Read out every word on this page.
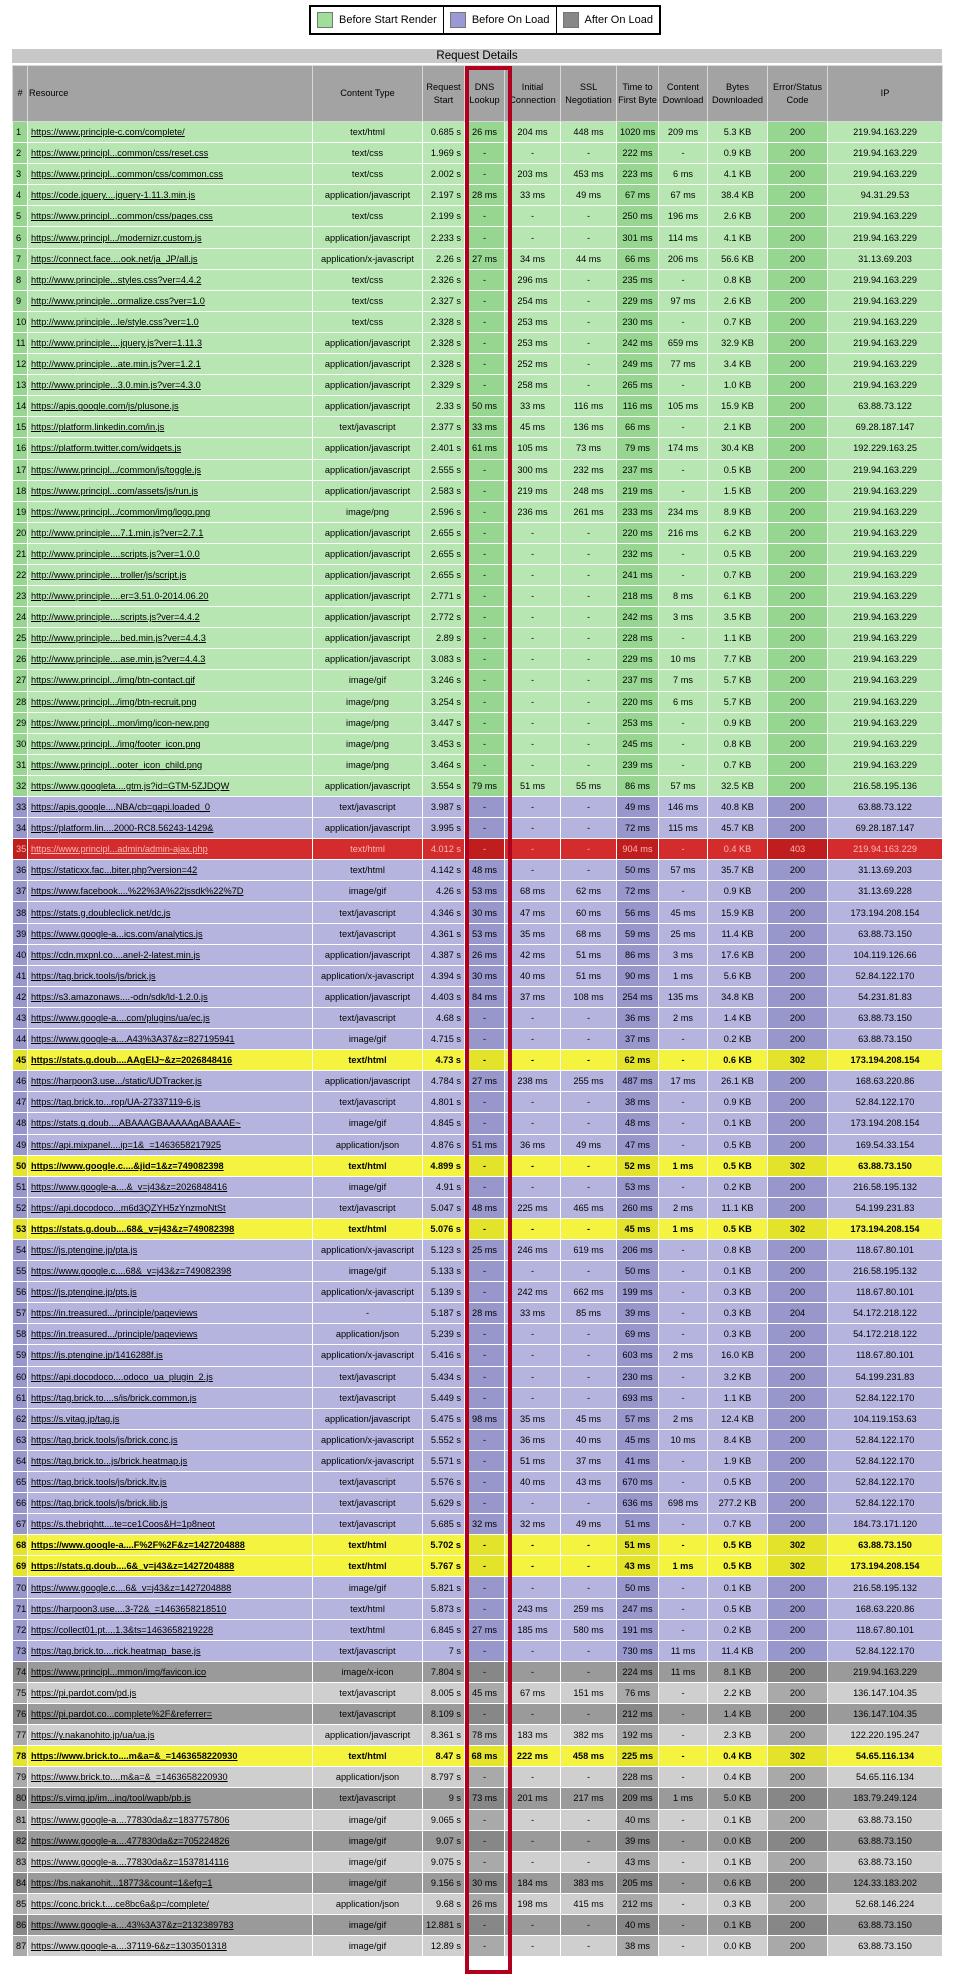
Before Start Render	Before On Load	After On Load
Request Details
#	Resource	Content Type	Request Start	DNS Lookup	Initial Connection	SSL Negotiation	Time to First Byte	Content Download	Bytes Downloaded	Error/Status Code	IP
1	https://www.principle-c.com/complete/	text/html	0.685 s	26 ms	204 ms	448 ms	1020 ms	209 ms	5.3 KB	200	219.94.163.229
2	https://www.principl...common/css/reset.css	text/css	1.969 s	-	-	-	222 ms	-	0.9 KB	200	219.94.163.229
3	https://www.principl...common/css/common.css	text/css	2.002 s	-	203 ms	453 ms	223 ms	6 ms	4.1 KB	200	219.94.163.229
4	https://code.jquery....jquery-1.11.3.min.js	application/javascript	2.197 s	28 ms	33 ms	49 ms	67 ms	67 ms	38.4 KB	200	94.31.29.53
5	https://www.principl...common/css/pages.css	text/css	2.199 s	-	-	-	250 ms	196 ms	2.6 KB	200	219.94.163.229
6	https://www.principl.../modernizr.custom.js	application/javascript	2.233 s	-	-	-	301 ms	114 ms	4.1 KB	200	219.94.163.229
7	https://connect.face....ook.net/ja_JP/all.js	application/x-javascript	2.26 s	27 ms	34 ms	44 ms	66 ms	206 ms	56.6 KB	200	31.13.69.203
8	http://www.principle...styles.css?ver=4.4.2	text/css	2.326 s	-	296 ms	-	235 ms	-	0.8 KB	200	219.94.163.229
9	http://www.principle...ormalize.css?ver=1.0	text/css	2.327 s	-	254 ms	-	229 ms	97 ms	2.6 KB	200	219.94.163.229
10	http://www.principle...le/style.css?ver=1.0	text/css	2.328 s	-	253 ms	-	230 ms	-	0.7 KB	200	219.94.163.229
11	http://www.principle....jquery.js?ver=1.11.3	application/javascript	2.328 s	-	253 ms	-	242 ms	659 ms	32.9 KB	200	219.94.163.229
12	http://www.principle...ate.min.js?ver=1.2.1	application/javascript	2.328 s	-	252 ms	-	249 ms	77 ms	3.4 KB	200	219.94.163.229
13	http://www.principle...3.0.min.js?ver=4.3.0	application/javascript	2.329 s	-	258 ms	-	265 ms	-	1.0 KB	200	219.94.163.229
14	https://apis.google.com/js/plusone.js	application/javascript	2.33 s	50 ms	33 ms	116 ms	116 ms	105 ms	15.9 KB	200	63.88.73.122
15	https://platform.linkedin.com/in.js	text/javascript	2.377 s	33 ms	45 ms	136 ms	66 ms	-	2.1 KB	200	69.28.187.147
16	https://platform.twitter.com/widgets.js	application/javascript	2.401 s	61 ms	105 ms	73 ms	79 ms	174 ms	30.4 KB	200	192.229.163.25
17	https://www.principl.../common/js/toggle.js	application/javascript	2.555 s	-	300 ms	232 ms	237 ms	-	0.5 KB	200	219.94.163.229
18	https://www.principl...com/assets/js/run.js	application/javascript	2.583 s	-	219 ms	248 ms	219 ms	-	1.5 KB	200	219.94.163.229
19	https://www.principl.../common/img/logo.png	image/png	2.596 s	-	236 ms	261 ms	233 ms	234 ms	8.9 KB	200	219.94.163.229
20	http://www.principle....7.1.min.js?ver=2.7.1	application/javascript	2.655 s	-	-	-	220 ms	216 ms	6.2 KB	200	219.94.163.229
21	http://www.principle....scripts.js?ver=1.0.0	application/javascript	2.655 s	-	-	-	232 ms	-	0.5 KB	200	219.94.163.229
22	http://www.principle....troller/js/script.js	application/javascript	2.655 s	-	-	-	241 ms	-	0.7 KB	200	219.94.163.229
23	http://www.principle....er=3.51.0-2014.06.20	application/javascript	2.771 s	-	-	-	218 ms	8 ms	6.1 KB	200	219.94.163.229
24	http://www.principle....scripts.js?ver=4.4.2	application/javascript	2.772 s	-	-	-	242 ms	3 ms	3.5 KB	200	219.94.163.229
25	http://www.principle....bed.min.js?ver=4.4.3	application/javascript	2.89 s	-	-	-	228 ms	-	1.1 KB	200	219.94.163.229
26	http://www.principle....ase.min.js?ver=4.4.3	application/javascript	3.083 s	-	-	-	229 ms	10 ms	7.7 KB	200	219.94.163.229
27	https://www.principl.../img/btn-contact.gif	image/gif	3.246 s	-	-	-	237 ms	7 ms	5.7 KB	200	219.94.163.229
28	https://www.principl.../img/btn-recruit.png	image/png	3.254 s	-	-	-	220 ms	6 ms	5.7 KB	200	219.94.163.229
29	https://www.principl...mon/img/icon-new.png	image/png	3.447 s	-	-	-	253 ms	-	0.9 KB	200	219.94.163.229
30	https://www.principl.../img/footer_icon.png	image/png	3.453 s	-	-	-	245 ms	-	0.8 KB	200	219.94.163.229
31	https://www.principl...ooter_icon_child.png	image/png	3.464 s	-	-	-	239 ms	-	0.7 KB	200	219.94.163.229
32	https://www.googleta....gtm.js?id=GTM-5ZJDQW	application/javascript	3.554 s	79 ms	51 ms	55 ms	86 ms	57 ms	32.5 KB	200	216.58.195.136
33	https://apis.google....NBA/cb=gapi.loaded_0	text/javascript	3.987 s	-	-	-	49 ms	146 ms	40.8 KB	200	63.88.73.122
34	https://platform.lin....2000-RC8.56243-1429&	application/javascript	3.995 s	-	-	-	72 ms	115 ms	45.7 KB	200	69.28.187.147
35	https://www.principl...admin/admin-ajax.php	text/html	4.012 s	-	-	-	904 ms	-	0.4 KB	403	219.94.163.229
36	https://staticxx.fac...biter.php?version=42	text/html	4.142 s	48 ms	-	-	50 ms	57 ms	35.7 KB	200	31.13.69.203
37	https://www.facebook....%22%3A%22jssdk%22%7D	image/gif	4.26 s	53 ms	68 ms	62 ms	72 ms	-	0.9 KB	200	31.13.69.228
38	https://stats.g.doubleclick.net/dc.js	text/javascript	4.346 s	30 ms	47 ms	60 ms	56 ms	45 ms	15.9 KB	200	173.194.208.154
39	https://www.google-a...ics.com/analytics.js	text/javascript	4.361 s	53 ms	35 ms	68 ms	59 ms	25 ms	11.4 KB	200	63.88.73.150
40	https://cdn.mxpnl.co....anel-2-latest.min.js	application/javascript	4.387 s	26 ms	42 ms	51 ms	86 ms	3 ms	17.6 KB	200	104.119.126.66
41	https://tag.brick.tools/js/brick.js	application/x-javascript	4.394 s	30 ms	40 ms	51 ms	90 ms	1 ms	5.6 KB	200	52.84.122.170
42	https://s3.amazonaws....-odn/sdk/ld-1.2.0.js	application/javascript	4.403 s	84 ms	37 ms	108 ms	254 ms	135 ms	34.8 KB	200	54.231.81.83
43	https://www.google-a....com/plugins/ua/ec.js	text/javascript	4.68 s	-	-	-	36 ms	2 ms	1.4 KB	200	63.88.73.150
44	https://www.google-a....A43%3A37&z=827195941	image/gif	4.715 s	-	-	-	37 ms	-	0.2 KB	200	63.88.73.150
45	https://stats.g.doub....AAgEIJ~&z=2026848416	text/html	4.73 s	-	-	-	62 ms	-	0.6 KB	302	173.194.208.154
46	https://harpoon3.use.../static/UDTracker.js	application/javascript	4.784 s	27 ms	238 ms	255 ms	487 ms	17 ms	26.1 KB	200	168.63.220.86
47	https://tag.brick.to...rop/UA-27337119-6.js	text/javascript	4.801 s	-	-	-	38 ms	-	0.9 KB	200	52.84.122.170
48	https://stats.g.doub....ABAAAGBAAAAAgABAAAE~	image/gif	4.845 s	-	-	-	48 ms	-	0.1 KB	200	173.194.208.154
49	https://api.mixpanel....ip=1&_=1463658217925	application/json	4.876 s	51 ms	36 ms	49 ms	47 ms	-	0.5 KB	200	169.54.33.154
50	https://www.google.c....&jid=1&z=749082398	text/html	4.899 s	-	-	-	52 ms	1 ms	0.5 KB	302	63.88.73.150
51	https://www.google-a....&_v=j43&z=2026848416	image/gif	4.91 s	-	-	-	53 ms	-	0.2 KB	200	216.58.195.132
52	https://api.docodoco...m6d3QZYH5zYnzmoNtSt	text/javascript	5.047 s	48 ms	225 ms	465 ms	260 ms	2 ms	11.1 KB	200	54.199.231.83
53	https://stats.g.doub....68&_v=j43&z=749082398	text/html	5.076 s	-	-	-	45 ms	1 ms	0.5 KB	302	173.194.208.154
54	https://js.ptengine.jp/pta.js	application/x-javascript	5.123 s	25 ms	246 ms	619 ms	206 ms	-	0.8 KB	200	118.67.80.101
55	https://www.google.c....68&_v=j43&z=749082398	image/gif	5.133 s	-	-	-	50 ms	-	0.1 KB	200	216.58.195.132
56	https://js.ptengine.jp/pts.js	application/x-javascript	5.139 s	-	242 ms	662 ms	199 ms	-	0.3 KB	200	118.67.80.101
57	https://in.treasured.../principle/pageviews	-	5.187 s	28 ms	33 ms	85 ms	39 ms	-	0.3 KB	204	54.172.218.122
58	https://in.treasured.../principle/pageviews	application/json	5.239 s	-	-	-	69 ms	-	0.3 KB	200	54.172.218.122
59	https://js.ptengine.jp/1416288f.js	application/x-javascript	5.416 s	-	-	-	603 ms	2 ms	16.0 KB	200	118.67.80.101
60	https://api.docodoco....odoco_ua_plugin_2.js	text/javascript	5.434 s	-	-	-	230 ms	-	3.2 KB	200	54.199.231.83
61	https://tag.brick.to....s/is/brick.common.js	text/javascript	5.449 s	-	-	-	693 ms	-	1.1 KB	200	52.84.122.170
62	https://s.vitag.jp/tag.js	application/javascript	5.475 s	98 ms	35 ms	45 ms	57 ms	2 ms	12.4 KB	200	104.119.153.63
63	https://tag.brick.tools/js/brick.conc.js	application/x-javascript	5.552 s	-	36 ms	40 ms	45 ms	10 ms	8.4 KB	200	52.84.122.170
64	https://tag.brick.to...js/brick.heatmap.js	application/x-javascript	5.571 s	-	51 ms	37 ms	41 ms	-	1.9 KB	200	52.84.122.170
65	https://tag.brick.tools/js/brick.ltv.js	text/javascript	5.576 s	-	40 ms	43 ms	670 ms	-	0.5 KB	200	52.84.122.170
66	https://tag.brick.tools/js/brick.lib.js	text/javascript	5.629 s	-	-	-	636 ms	698 ms	277.2 KB	200	52.84.122.170
67	https://s.thebrightt....te=ce1Coos&H=1p8neot	text/javascript	5.685 s	32 ms	32 ms	49 ms	51 ms	-	0.7 KB	200	184.73.171.120
68	https://www.google-a....F%2F%2F&z=1427204888	text/html	5.702 s	-	-	-	51 ms	-	0.5 KB	302	63.88.73.150
69	https://stats.g.doub....6&_v=j43&z=1427204888	text/html	5.767 s	-	-	-	43 ms	1 ms	0.5 KB	302	173.194.208.154
70	https://www.google.c....6&_v=j43&z=1427204888	image/gif	5.821 s	-	-	-	50 ms	-	0.1 KB	200	216.58.195.132
71	https://harpoon3.use....3-72&_=1463658218510	text/html	5.873 s	-	243 ms	259 ms	247 ms	-	0.5 KB	200	168.63.220.86
72	https://collect01.pt....1.3&ts=1463658219228	text/html	6.845 s	27 ms	185 ms	580 ms	191 ms	-	0.2 KB	200	118.67.80.101
73	https://tag.brick.to....rick.heatmap_base.js	text/javascript	7 s	-	-	-	730 ms	11 ms	11.4 KB	200	52.84.122.170
74	https://www.principl...mmon/img/favicon.ico	image/x-icon	7.804 s	-	-	-	224 ms	11 ms	8.1 KB	200	219.94.163.229
75	https://pi.pardot.com/pd.js	text/javascript	8.005 s	45 ms	67 ms	151 ms	76 ms	-	2.2 KB	200	136.147.104.35
76	https://pi.pardot.co...complete%2F&referrer=	text/javascript	8.109 s	-	-	-	212 ms	-	1.4 KB	200	136.147.104.35
77	https://y.nakanohito.jp/ua/ua.js	application/javascript	8.361 s	78 ms	183 ms	382 ms	192 ms	-	2.3 KB	200	122.220.195.247
78	https://www.brick.to....m&a=&_=1463658220930	text/html	8.47 s	68 ms	222 ms	458 ms	225 ms	-	0.4 KB	302	54.65.116.134
79	https://www.brick.to....m&a=&_=1463658220930	application/json	8.797 s	-	-	-	228 ms	-	0.4 KB	200	54.65.116.134
80	https://s.vimg.jp/im...ing/tool/wapb/pb.js	text/javascript	9 s	73 ms	201 ms	217 ms	209 ms	1 ms	5.0 KB	200	183.79.249.124
81	https://www.google-a....77830da&z=1837757806	image/gif	9.065 s	-	-	-	40 ms	-	0.1 KB	200	63.88.73.150
82	https://www.google-a....477830da&z=705224826	image/gif	9.07 s	-	-	-	39 ms	-	0.0 KB	200	63.88.73.150
83	https://www.google-a....77830da&z=1537814116	image/gif	9.075 s	-	-	-	43 ms	-	0.1 KB	200	63.88.73.150
84	https://bs.nakanohit...18773&count=1&efg=1	image/gif	9.156 s	30 ms	184 ms	383 ms	205 ms	-	0.6 KB	200	124.33.183.202
85	https://conc.brick.t....ce8bc6a&p=/complete/	application/json	9.68 s	26 ms	198 ms	415 ms	212 ms	-	0.3 KB	200	52.68.146.224
86	https://www.google-a....43%3A37&z=2132389783	image/gif	12.881 s	-	-	-	40 ms	-	0.1 KB	200	63.88.73.150
87	https://www.google-a....37119-6&z=1303501318	image/gif	12.89 s	-	-	-	38 ms	-	0.0 KB	200	63.88.73.150
